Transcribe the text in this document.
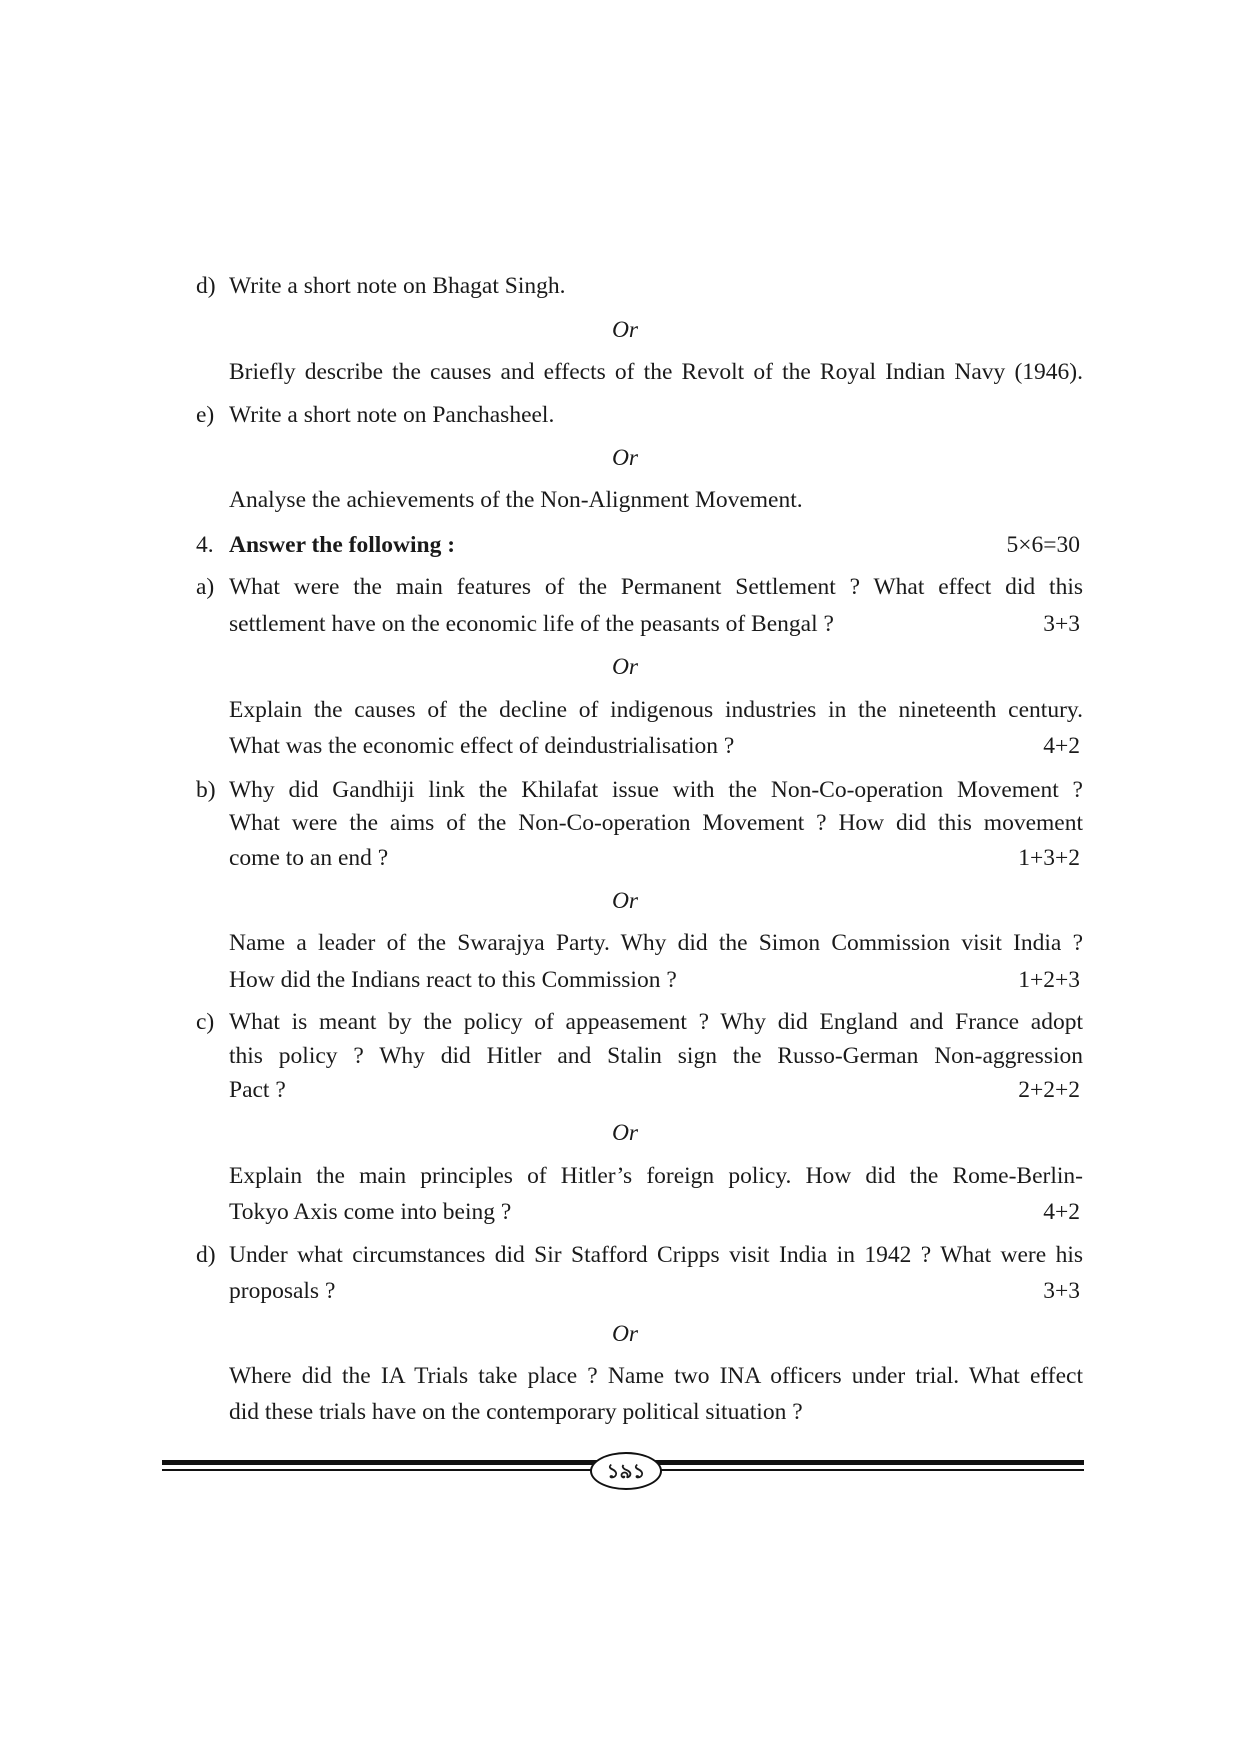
d) Write a short note on Bhagat Singh.
Or
Briefly describe the causes and effects of the Revolt of the Royal Indian Navy (1946).
e) Write a short note on Panchasheel.
Or
Analyse the achievements of the Non-Alignment Movement.
4. Answer the following :	5×6=30
a) What were the main features of the Permanent Settlement ? What effect did this
settlement have on the economic life of the peasants of Bengal ?	3+3
Or
Explain the causes of the decline of indigenous industries in the nineteenth century.
What was the economic effect of deindustrialisation ?	4+2
b) Why did Gandhiji link the Khilafat issue with the Non-Co-operation Movement ?
What were the aims of the Non-Co-operation Movement ? How did this movement
come to an end ?	1+3+2
Or
Name a leader of the Swarajya Party. Why did the Simon Commission visit India ?
How did the Indians react to this Commission ?	1+2+3
c) What is meant by the policy of appeasement ? Why did England and France adopt
this policy ? Why did Hitler and Stalin sign the Russo-German Non-aggression
Pact ?	2+2+2
Or
Explain the main principles of Hitler’s foreign policy. How did the Rome-Berlin-
Tokyo Axis come into being ?	4+2
d) Under what circumstances did Sir Stafford Cripps visit India in 1942 ? What were his
proposals ?	3+3
Or
Where did the IA Trials take place ? Name two INA officers under trial. What effect
did these trials have on the contemporary political situation ?
১৯১
